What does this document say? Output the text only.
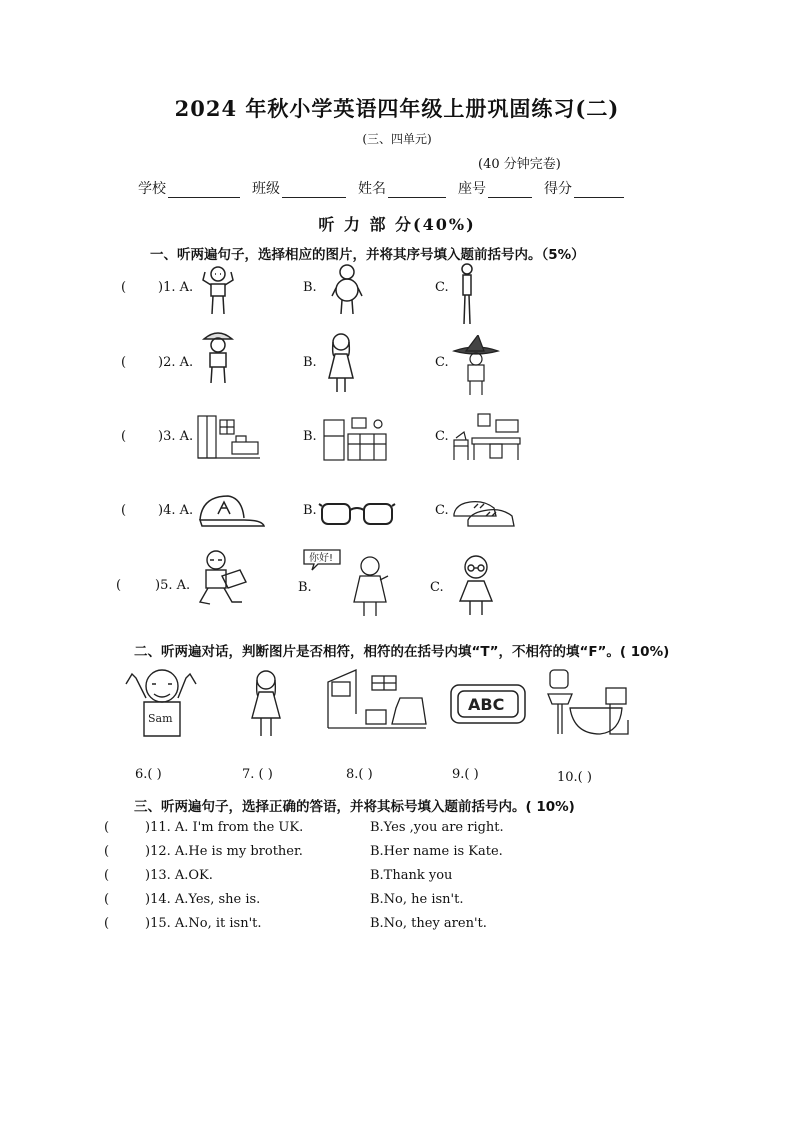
2024 年秋小学英语四年级上册巩固练习(二)
(三、四单元)
(40 分钟完卷)
学校	班级	姓名	座号	得分
听 力 部 分(40%)
一、听两遍句子，选择相应的图片，并将其序号填入题前括号内。（5%）
( )1. A.	B.	C.
( )2. A.	B.	C.
( )3. A.	B.	C.
( )4. A.	B.	C.
(	)5. A.	B.	C.
你好!
二、听两遍对话，判断图片是否相符，相符的在括号内填“T”，不相符的填“F”。( 10%)
Sam
ABC
6.( )	7. ( )	8.( )	9.( )	10.( )
三、听两遍句子，选择正确的答语，并将其标号填入题前括号内。( 10%)
(	)11. A. I'm from the UK.	B.Yes ,you are right.
(	)12. A.He is my brother.	B.Her name is Kate.
(	)13. A.OK.	B.Thank you
(	)14. A.Yes, she is.	B.No, he isn't.
(	)15. A.No, it isn't.	B.No, they aren't.
